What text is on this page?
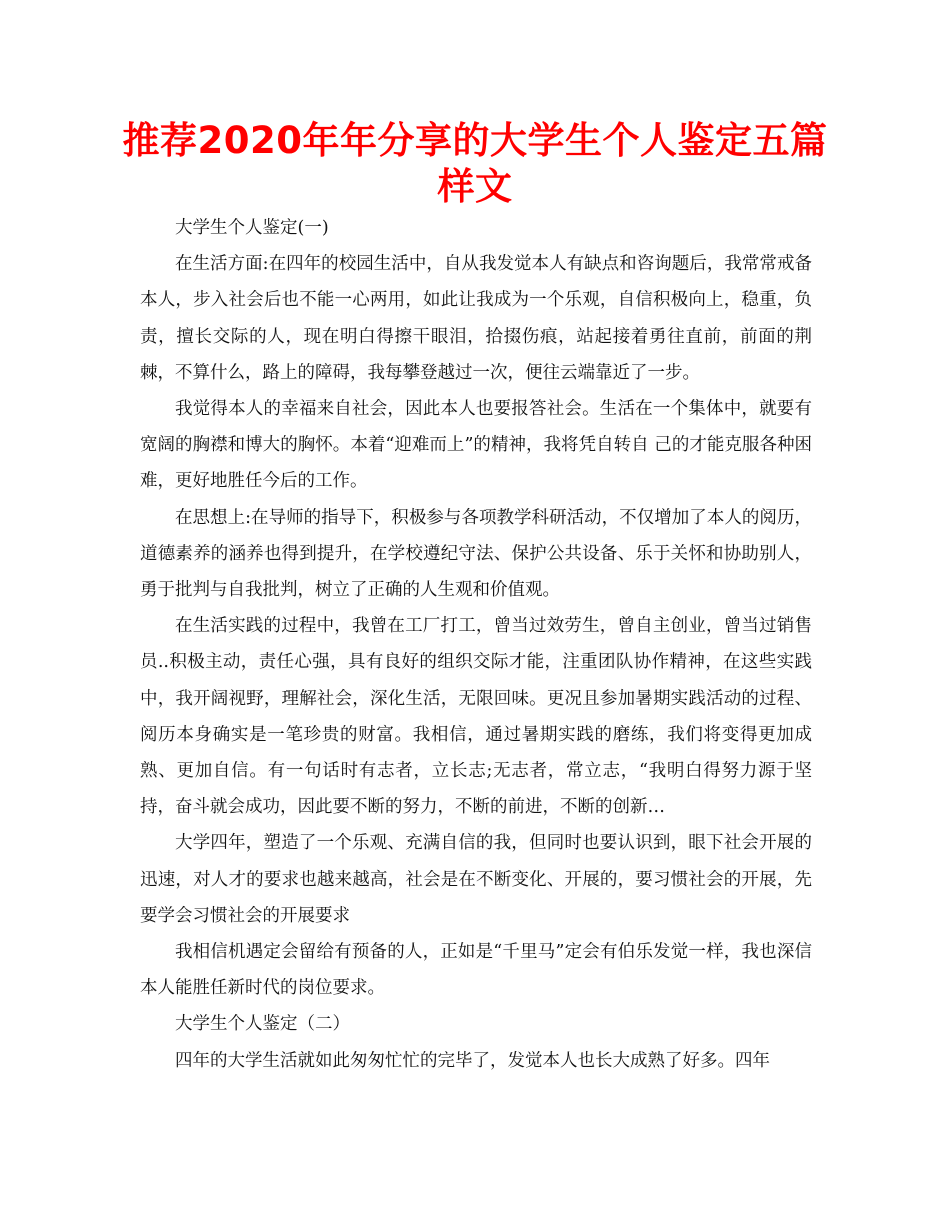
推荐2020年年分享的大学生个人鉴定五篇样文

大学生个人鉴定(一)

在生活方面:在四年的校园生活中，自从我发觉本人有缺点和咨询题后，我常常戒备本人，步入社会后也不能一心两用，如此让我成为一个乐观，自信积极向上，稳重，负责，擅长交际的人，现在明白得擦干眼泪，拾掇伤痕，站起接着勇往直前，前面的荆棘，不算什么，路上的障碍，我每攀登越过一次，便往云端靠近了一步。

我觉得本人的幸福来自社会，因此本人也要报答社会。生活在一个集体中，就要有宽阔的胸襟和博大的胸怀。本着“迎难而上”的精神，我将凭自转自 己的才能克服各种困难，更好地胜任今后的工作。

在思想上:在导师的指导下，积极参与各项教学科研活动，不仅增加了本人的阅历，道德素养的涵养也得到提升，在学校遵纪守法、保护公共设备、乐于关怀和协助别人，勇于批判与自我批判，树立了正确的人生观和价值观。

在生活实践的过程中，我曾在工厂打工，曾当过效劳生，曾自主创业，曾当过销售员..积极主动，责任心强，具有良好的组织交际才能，注重团队协作精神，在这些实践中，我开阔视野，理解社会，深化生活，无限回味。更况且参加暑期实践活动的过程、阅历本身确实是一笔珍贵的财富。我相信，通过暑期实践的磨练，我们将变得更加成熟、更加自信。有一句话时有志者，立长志;无志者，常立志，“我明白得努力源于坚持，奋斗就会成功，因此要不断的努力，不断的前进，不断的创新…

大学四年，塑造了一个乐观、充满自信的我，但同时也要认识到，眼下社会开展的迅速，对人才的要求也越来越高，社会是在不断变化、开展的，要习惯社会的开展，先要学会习惯社会的开展要求

我相信机遇定会留给有预备的人，正如是“千里马”定会有伯乐发觉一样，我也深信本人能胜任新时代的岗位要求。

大学生个人鉴定（二）

四年的大学生活就如此匆匆忙忙的完毕了，发觉本人也长大成熟了好多。四年
